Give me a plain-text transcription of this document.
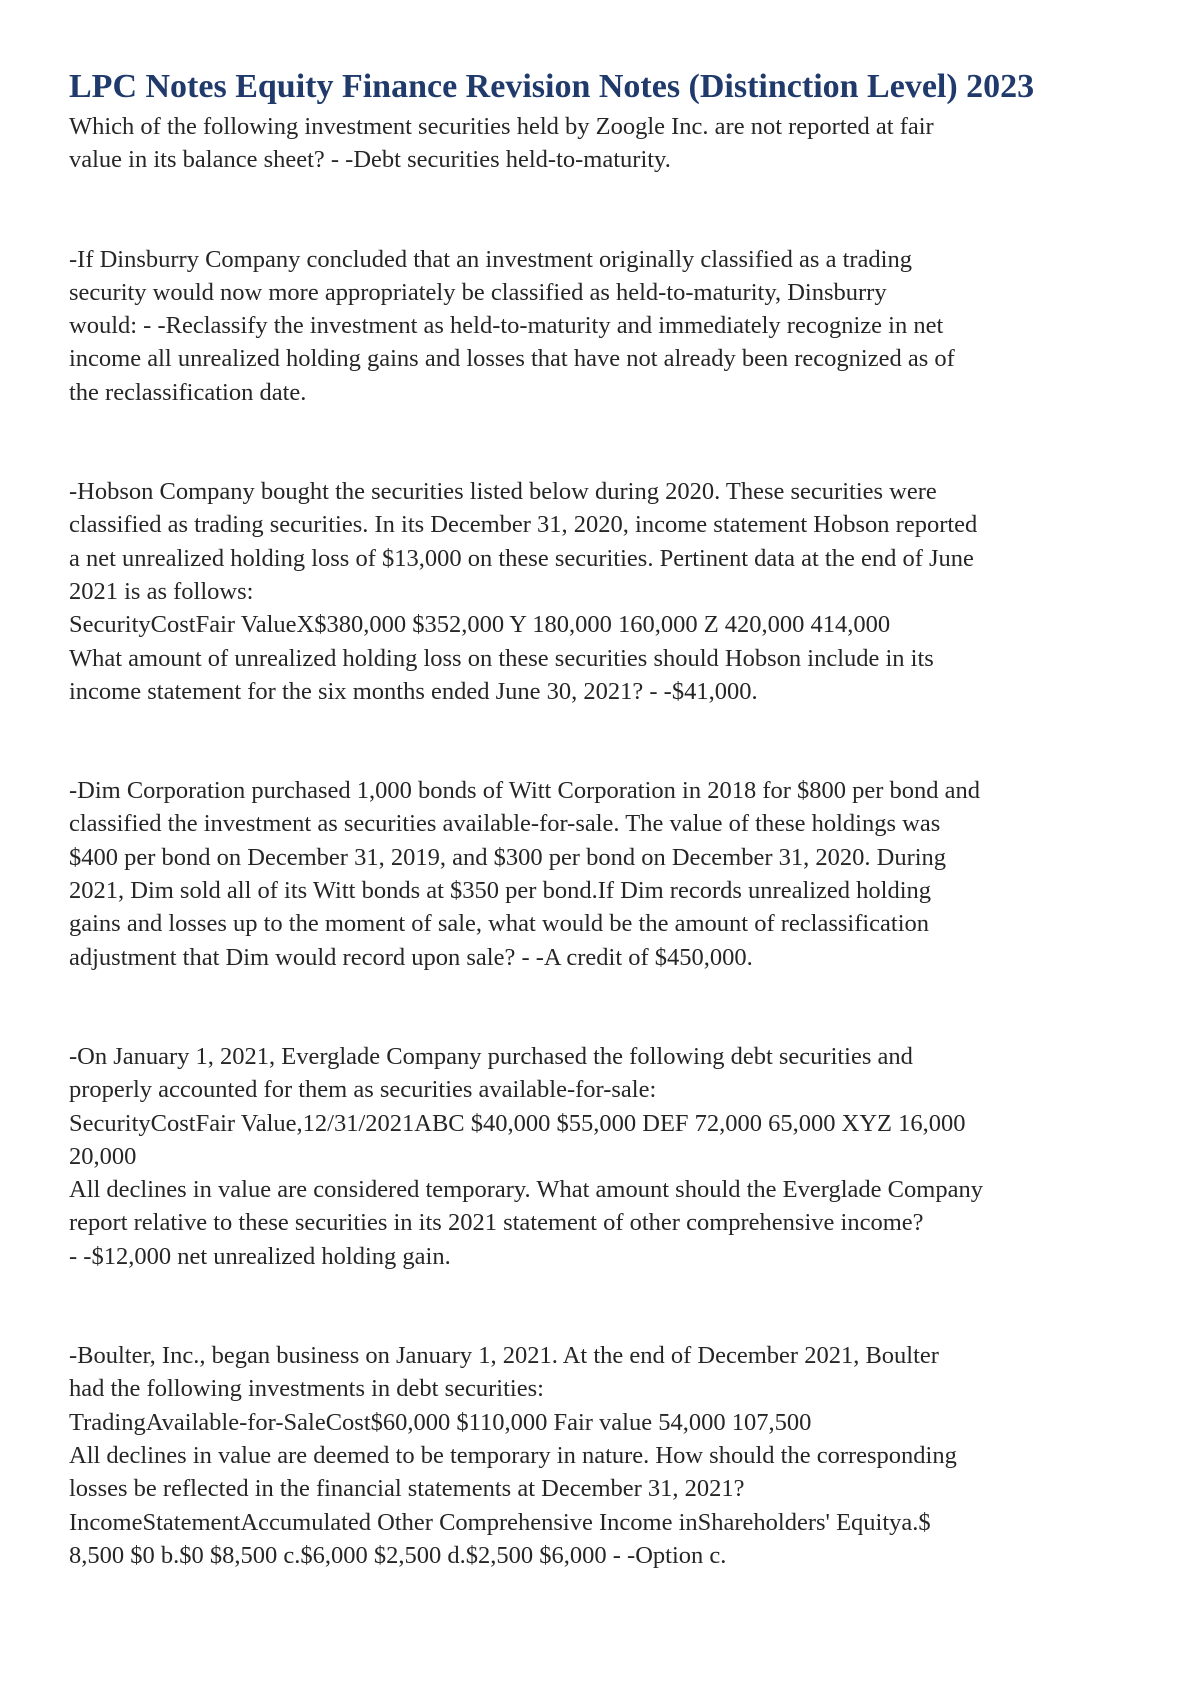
LPC Notes Equity Finance Revision Notes (Distinction Level) 2023

Which of the following investment securities held by Zoogle Inc. are not reported at fair

value in its balance sheet? - -Debt securities held-to-maturity.

-If Dinsburry Company concluded that an investment originally classified as a trading

security would now more appropriately be classified as held-to-maturity, Dinsburry

would: - -Reclassify the investment as held-to-maturity and immediately recognize in net

income all unrealized holding gains and losses that have not already been recognized as of

the reclassification date.

-Hobson Company bought the securities listed below during 2020. These securities were

classified as trading securities. In its December 31, 2020, income statement Hobson reported

a net unrealized holding loss of $13,000 on these securities. Pertinent data at the end of June

2021 is as follows:

SecurityCostFair ValueX$380,000 $352,000 Y 180,000 160,000 Z 420,000 414,000

What amount of unrealized holding loss on these securities should Hobson include in its

income statement for the six months ended June 30, 2021? - -$41,000.

-Dim Corporation purchased 1,000 bonds of Witt Corporation in 2018 for $800 per bond and

classified the investment as securities available-for-sale. The value of these holdings was

$400 per bond on December 31, 2019, and $300 per bond on December 31, 2020. During

2021, Dim sold all of its Witt bonds at $350 per bond.If Dim records unrealized holding

gains and losses up to the moment of sale, what would be the amount of reclassification

adjustment that Dim would record upon sale? - -A credit of $450,000.

-On January 1, 2021, Everglade Company purchased the following debt securities and

properly accounted for them as securities available-for-sale:

SecurityCostFair Value,12/31/2021ABC $40,000 $55,000 DEF 72,000 65,000 XYZ 16,000

20,000

All declines in value are considered temporary. What amount should the Everglade Company

report relative to these securities in its 2021 statement of other comprehensive income?

- -$12,000 net unrealized holding gain.

-Boulter, Inc., began business on January 1, 2021. At the end of December 2021, Boulter

had the following investments in debt securities:

TradingAvailable-for-SaleCost$60,000 $110,000 Fair value 54,000 107,500

All declines in value are deemed to be temporary in nature. How should the corresponding

losses be reflected in the financial statements at December 31, 2021?

IncomeStatementAccumulated Other Comprehensive Income inShareholders' Equitya.$

8,500 $0 b.$0 $8,500 c.$6,000 $2,500 d.$2,500 $6,000 - -Option c.
